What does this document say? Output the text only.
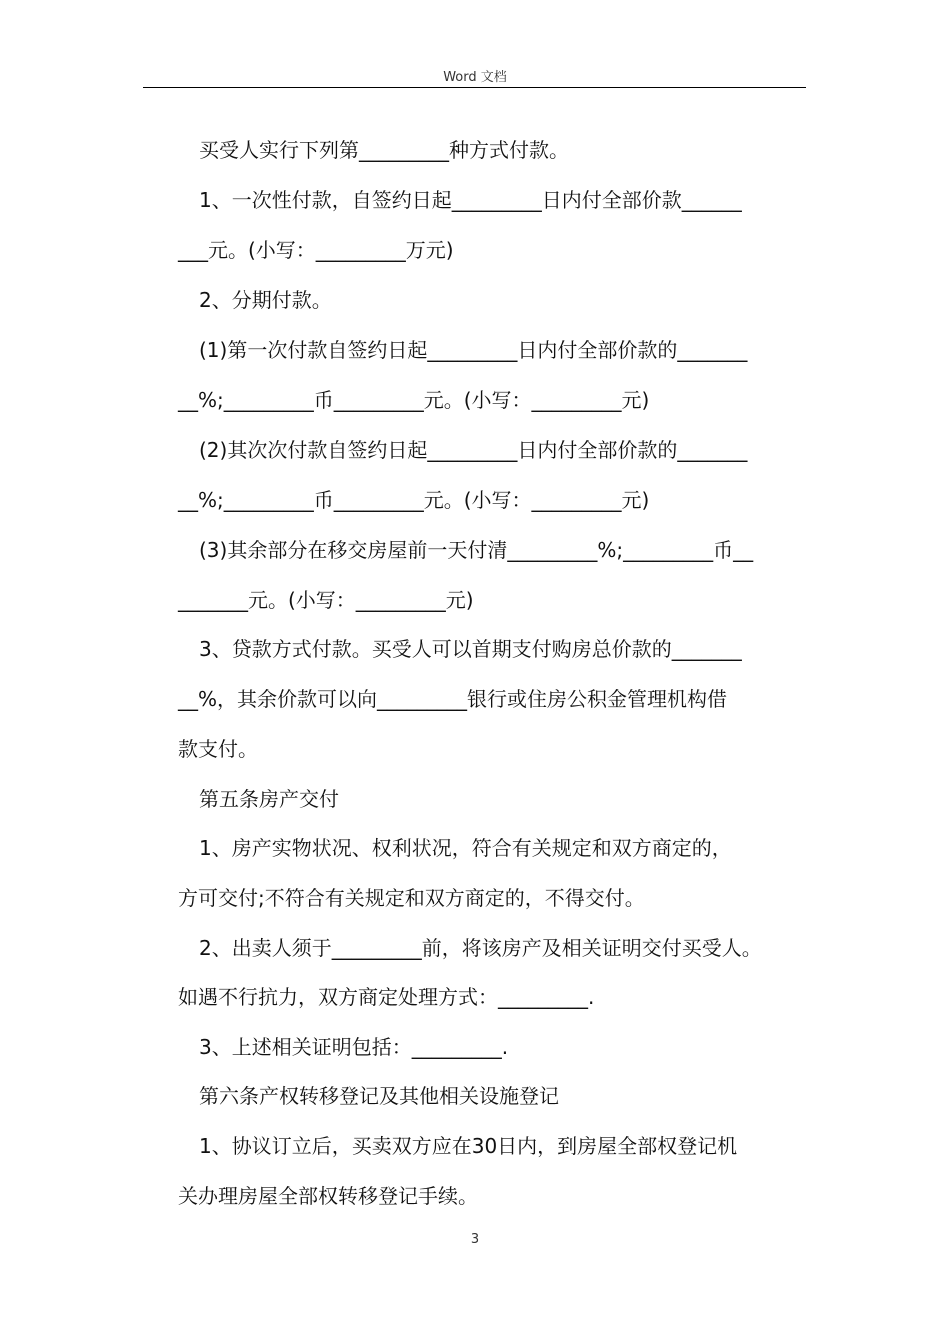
Word 文档
买受人实行下列第_________种方式付款。
1、一次性付款，自签约日起_________日内付全部价款______
___元。(小写：_________万元)
2、分期付款。
(1)第一次付款自签约日起_________日内付全部价款的_______
__%;_________币_________元。(小写：_________元)
(2)其次次付款自签约日起_________日内付全部价款的_______
__%;_________币_________元。(小写：_________元)
(3)其余部分在移交房屋前一天付清_________%;_________币__
_______元。(小写：_________元)
3、贷款方式付款。买受人可以首期支付购房总价款的_______
__%，其余价款可以向_________银行或住房公积金管理机构借
款支付。
第五条房产交付
1、房产实物状况、权利状况，符合有关规定和双方商定的，
方可交付;不符合有关规定和双方商定的，不得交付。
2、出卖人须于_________前，将该房产及相关证明交付买受人。
如遇不行抗力，双方商定处理方式：_________.
3、上述相关证明包括：_________.
第六条产权转移登记及其他相关设施登记
1、协议订立后，买卖双方应在30日内，到房屋全部权登记机
关办理房屋全部权转移登记手续。
3
